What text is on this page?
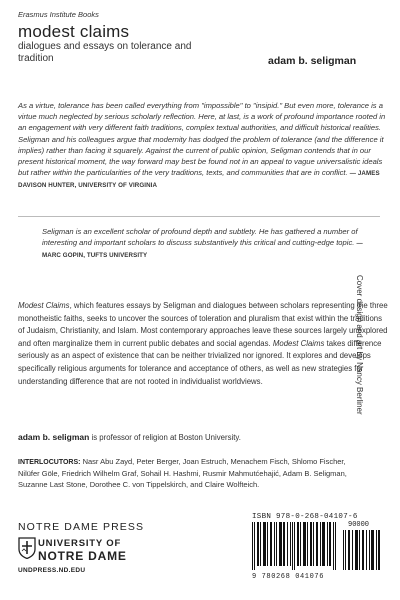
Erasmus Institute Books
modest claims
dialogues and essays on tolerance and tradition	adam b. seligman
As a virtue, tolerance has been called everything from "impossible" to "insipid." But even more, tolerance is a virtue much neglected by serious scholarly reflection. Here, at last, is a work of profound importance rooted in an engagement with very different faith traditions, complex textual authorities, and difficult historical realities. Seligman and his colleagues argue that modernity has dodged the problem of tolerance (and the difference it implies) rather than facing it squarely. Against the current of public opinion, Seligman contends that in our present historical moment, the way forward may best be found not in an appeal to vague universalistic ideals but rather within the particularities of the very traditions, texts, and communities that are in conflict. — JAMES DAVISON HUNTER, UNIVERSITY OF VIRGINIA
Seligman is an excellent scholar of profound depth and subtlety. He has gathered a number of interesting and important scholars to discuss substantively this critical and cutting-edge topic. — MARC GOPIN, TUFTS UNIVERSITY
Modest Claims, which features essays by Seligman and dialogues between scholars representing the three monotheistic faiths, seeks to uncover the sources of toleration and pluralism that exist within the traditions of Judaism, Christianity, and Islam. Most contemporary approaches leave these sources largely unexplored and often marginalize them in current public debates and social agendas. Modest Claims takes difference seriously as an aspect of existence that can be neither trivialized nor ignored. It explores and develops specifically religious arguments for tolerance and acceptance of others, as well as new strategies for understanding difference that are not rooted in individualist worldviews.
adam b. seligman is professor of religion at Boston University.
INTERLOCUTORS: Nasr Abu Zayd, Peter Berger, Joan Estruch, Menachem Fisch, Shlomo Fischer, Nilüfer Göle, Friedrich Wilhelm Graf, Sohail H. Hashmi, Rusmir Mahmutćehajić, Adam B. Seligman, Suzanne Last Stone, Dorothee C. von Tippelskirch, and Claire Wolfteich.
Cover design and art by Nancy Berliner
NOTRE DAME PRESS
UNIVERSITY OF
NOTRE DAME
UNDPRESS.ND.EDU
ISBN 978-0-268-04107-6
90000
9 780268 041076
